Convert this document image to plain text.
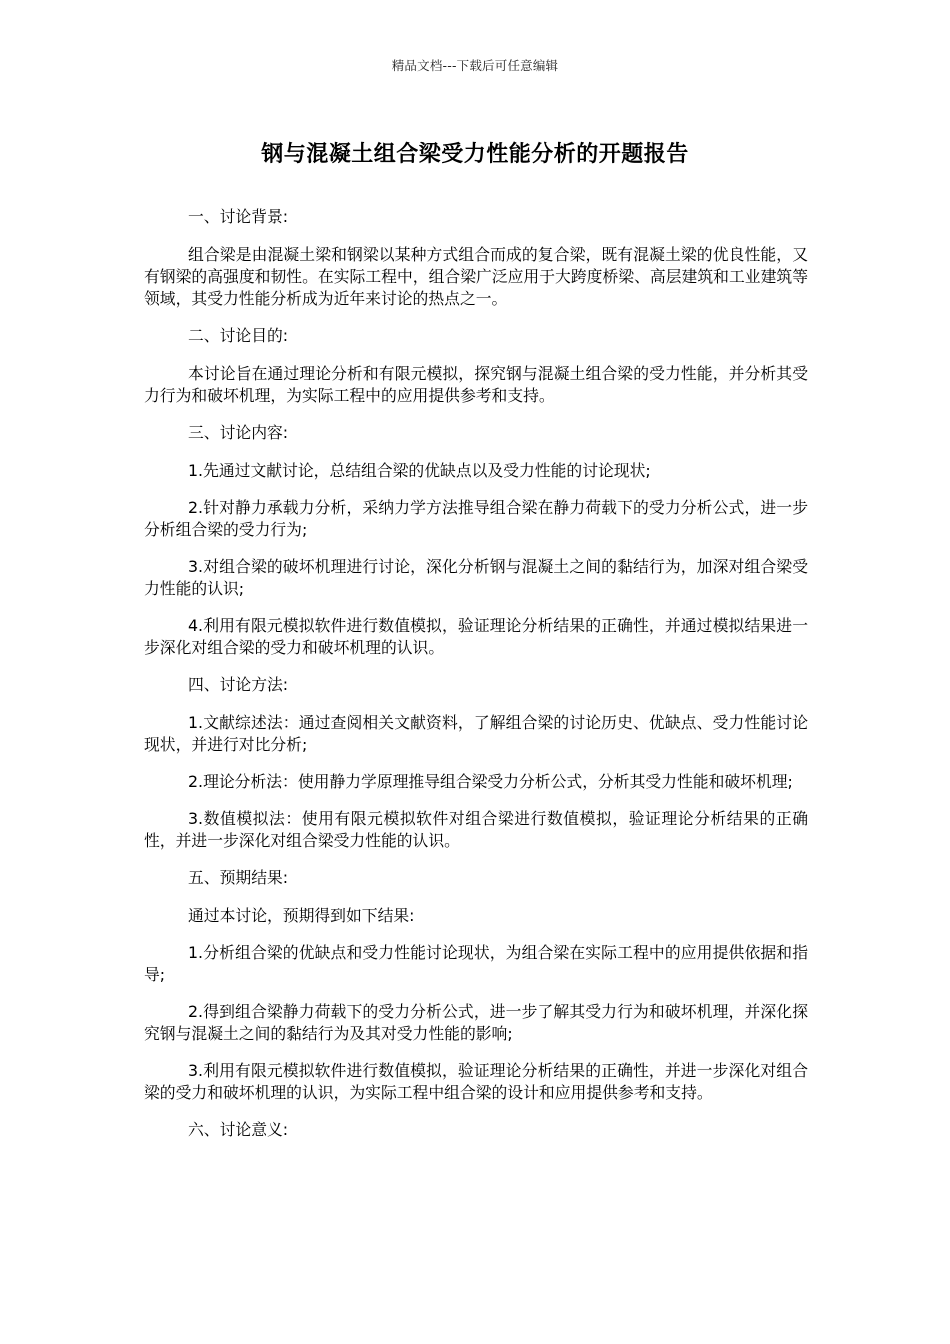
精品文档---下载后可任意编辑
钢与混凝土组合梁受力性能分析的开题报告

一、讨论背景:

组合梁是由混凝土梁和钢梁以某种方式组合而成的复合梁，既有混凝土梁的优良性能，又有钢梁的高强度和韧性。在实际工程中，组合梁广泛应用于大跨度桥梁、高层建筑和工业建筑等领域，其受力性能分析成为近年来讨论的热点之一。

二、讨论目的:

本讨论旨在通过理论分析和有限元模拟，探究钢与混凝土组合梁的受力性能，并分析其受力行为和破坏机理，为实际工程中的应用提供参考和支持。

三、讨论内容:

1.先通过文献讨论，总结组合梁的优缺点以及受力性能的讨论现状;

2.针对静力承载力分析，采纳力学方法推导组合梁在静力荷载下的受力分析公式，进一步分析组合梁的受力行为;

3.对组合梁的破坏机理进行讨论，深化分析钢与混凝土之间的黏结行为，加深对组合梁受力性能的认识;

4.利用有限元模拟软件进行数值模拟，验证理论分析结果的正确性，并通过模拟结果进一步深化对组合梁的受力和破坏机理的认识。

四、讨论方法:

1.文献综述法：通过查阅相关文献资料，了解组合梁的讨论历史、优缺点、受力性能讨论现状，并进行对比分析;

2.理论分析法：使用静力学原理推导组合梁受力分析公式，分析其受力性能和破坏机理;

3.数值模拟法：使用有限元模拟软件对组合梁进行数值模拟，验证理论分析结果的正确性，并进一步深化对组合梁受力性能的认识。

五、预期结果:

通过本讨论，预期得到如下结果:

1.分析组合梁的优缺点和受力性能讨论现状，为组合梁在实际工程中的应用提供依据和指导;

2.得到组合梁静力荷载下的受力分析公式，进一步了解其受力行为和破坏机理，并深化探究钢与混凝土之间的黏结行为及其对受力性能的影响;

3.利用有限元模拟软件进行数值模拟，验证理论分析结果的正确性，并进一步深化对组合梁的受力和破坏机理的认识，为实际工程中组合梁的设计和应用提供参考和支持。

六、讨论意义:
